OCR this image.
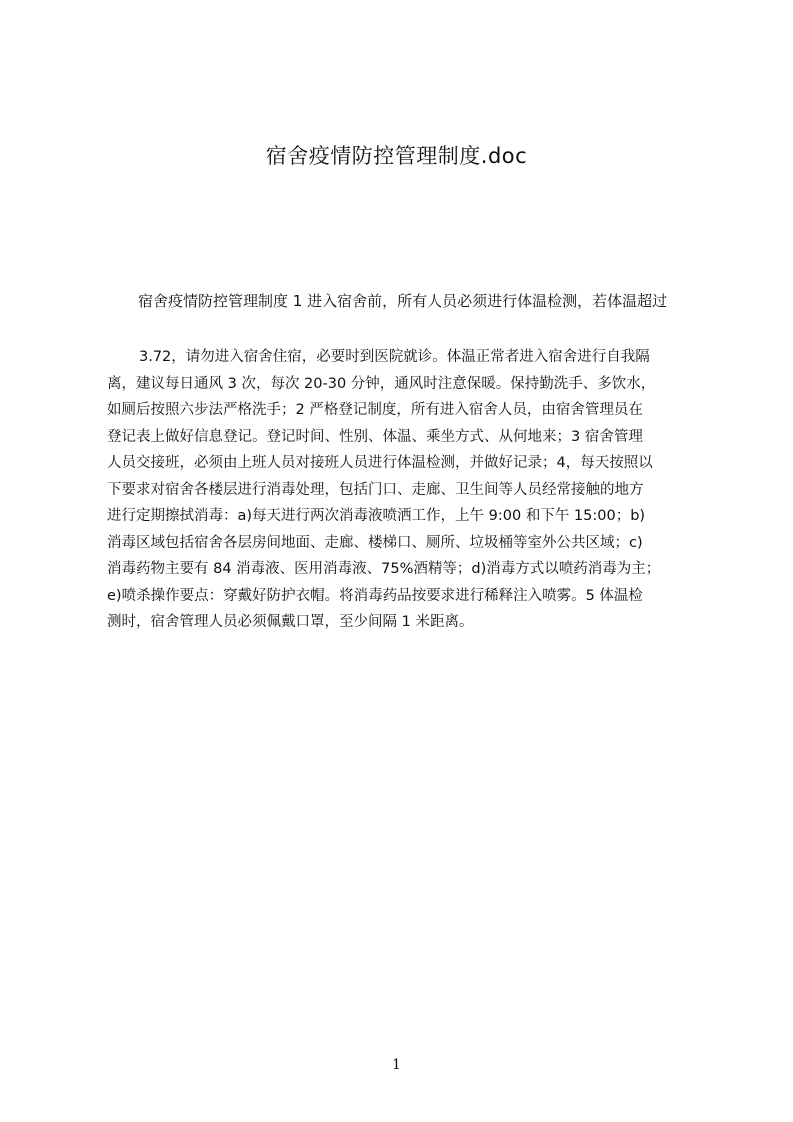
宿舍疫情防控管理制度.doc
宿舍疫情防控管理制度 1 进入宿舍前，所有人员必须进行体温检测，若体温超过
3.72，请勿进入宿舍住宿，必要时到医院就诊。体温正常者进入宿舍进行自我隔
离，建议每日通风 3 次，每次 20-30 分钟，通风时注意保暖。保持勤洗手、多饮水，
如厕后按照六步法严格洗手；2 严格登记制度，所有进入宿舍人员，由宿舍管理员在
登记表上做好信息登记。登记时间、性别、体温、乘坐方式、从何地来；3 宿舍管理
人员交接班，必须由上班人员对接班人员进行体温检测，并做好记录；4，每天按照以
下要求对宿舍各楼层进行消毒处理，包括门口、走廊、卫生间等人员经常接触的地方
进行定期擦拭消毒：a)每天进行两次消毒液喷洒工作，上午 9:00 和下午 15:00；b)
消毒区域包括宿舍各层房间地面、走廊、楼梯口、厕所、垃圾桶等室外公共区域；c)
消毒药物主要有 84 消毒液、医用消毒液、75%酒精等；d)消毒方式以喷药消毒为主；
e)喷杀操作要点：穿戴好防护衣帽。将消毒药品按要求进行稀释注入喷雾。5 体温检
测时，宿舍管理人员必须佩戴口罩，至少间隔 1 米距离。
1
